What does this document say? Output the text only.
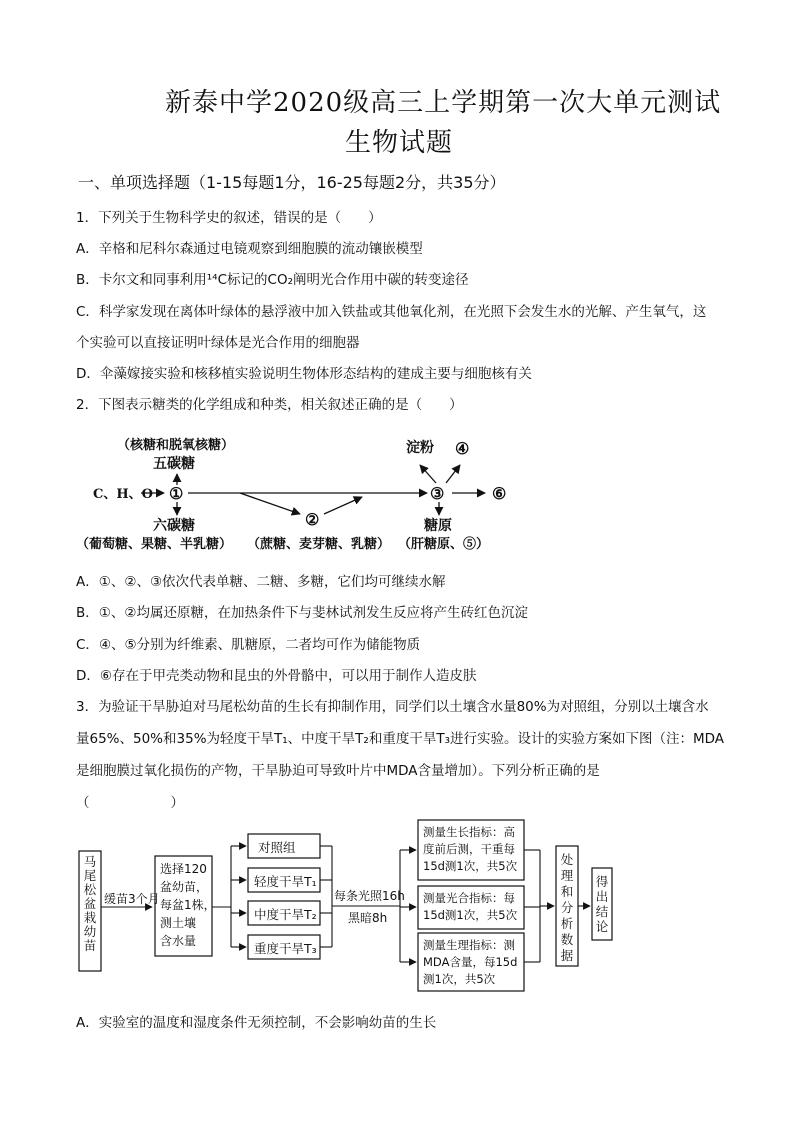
新泰中学2020级高三上学期第一次大单元测试
生物试题
一、单项选择题（1-15每题1分，16-25每题2分，共35分）
1．下列关于生物科学史的叙述，错误的是（　　）
A．辛格和尼科尔森通过电镜观察到细胞膜的流动镶嵌模型
B．卡尔文和同事利用¹⁴C标记的CO₂阐明光合作用中碳的转变途径
C．科学家发现在离体叶绿体的悬浮液中加入铁盐或其他氧化剂，在光照下会发生水的光解、产生氧气，这
个实验可以直接证明叶绿体是光合作用的细胞器
D．伞藻嫁接实验和核移植实验说明生物体形态结构的建成主要与细胞核有关
2．下图表示糖类的化学组成和种类，相关叙述正确的是（　　）
（核糖和脱氧核糖）
五碳糖
C、H、O ①
②
六碳糖
（葡萄糖、果糖、半乳糖） （蔗糖、麦芽糖、乳糖）
③
淀粉 ④
⑥
糖原
（肝糖原、⑤）
A．①、②、③依次代表单糖、二糖、多糖，它们均可继续水解
B．①、②均属还原糖，在加热条件下与斐林试剂发生反应将产生砖红色沉淀
C．④、⑤分别为纤维素、肌糖原，二者均可作为储能物质
D．⑥存在于甲壳类动物和昆虫的外骨骼中，可以用于制作人造皮肤
3．为验证干旱胁迫对马尾松幼苗的生长有抑制作用，同学们以土壤含水量80%为对照组，分别以土壤含水
量65%、50%和35%为轻度干旱T₁、中度干旱T₂和重度干旱T₃进行实验。设计的实验方案如下图（注：MDA
是细胞膜过氧化损伤的产物，干旱胁迫可导致叶片中MDA含量增加）。下列分析正确的是
（　　　　　　）
马尾松盆栽幼苗
缓苗3个月
选择120
盆幼苗，
每盆1株，
测土壤
含水量
对照组
轻度干旱T₁
中度干旱T₂
重度干旱T₃
每条光照16h
黑暗8h
测量生长指标：高
度前后测，干重每
15d测1次，共5次
测量光合指标：每
15d测1次，共5次
测量生理指标：测
MDA含量，每15d
测1次，共5次
处理和分析数据
得出结论
A．实验室的温度和湿度条件无须控制，不会影响幼苗的生长
